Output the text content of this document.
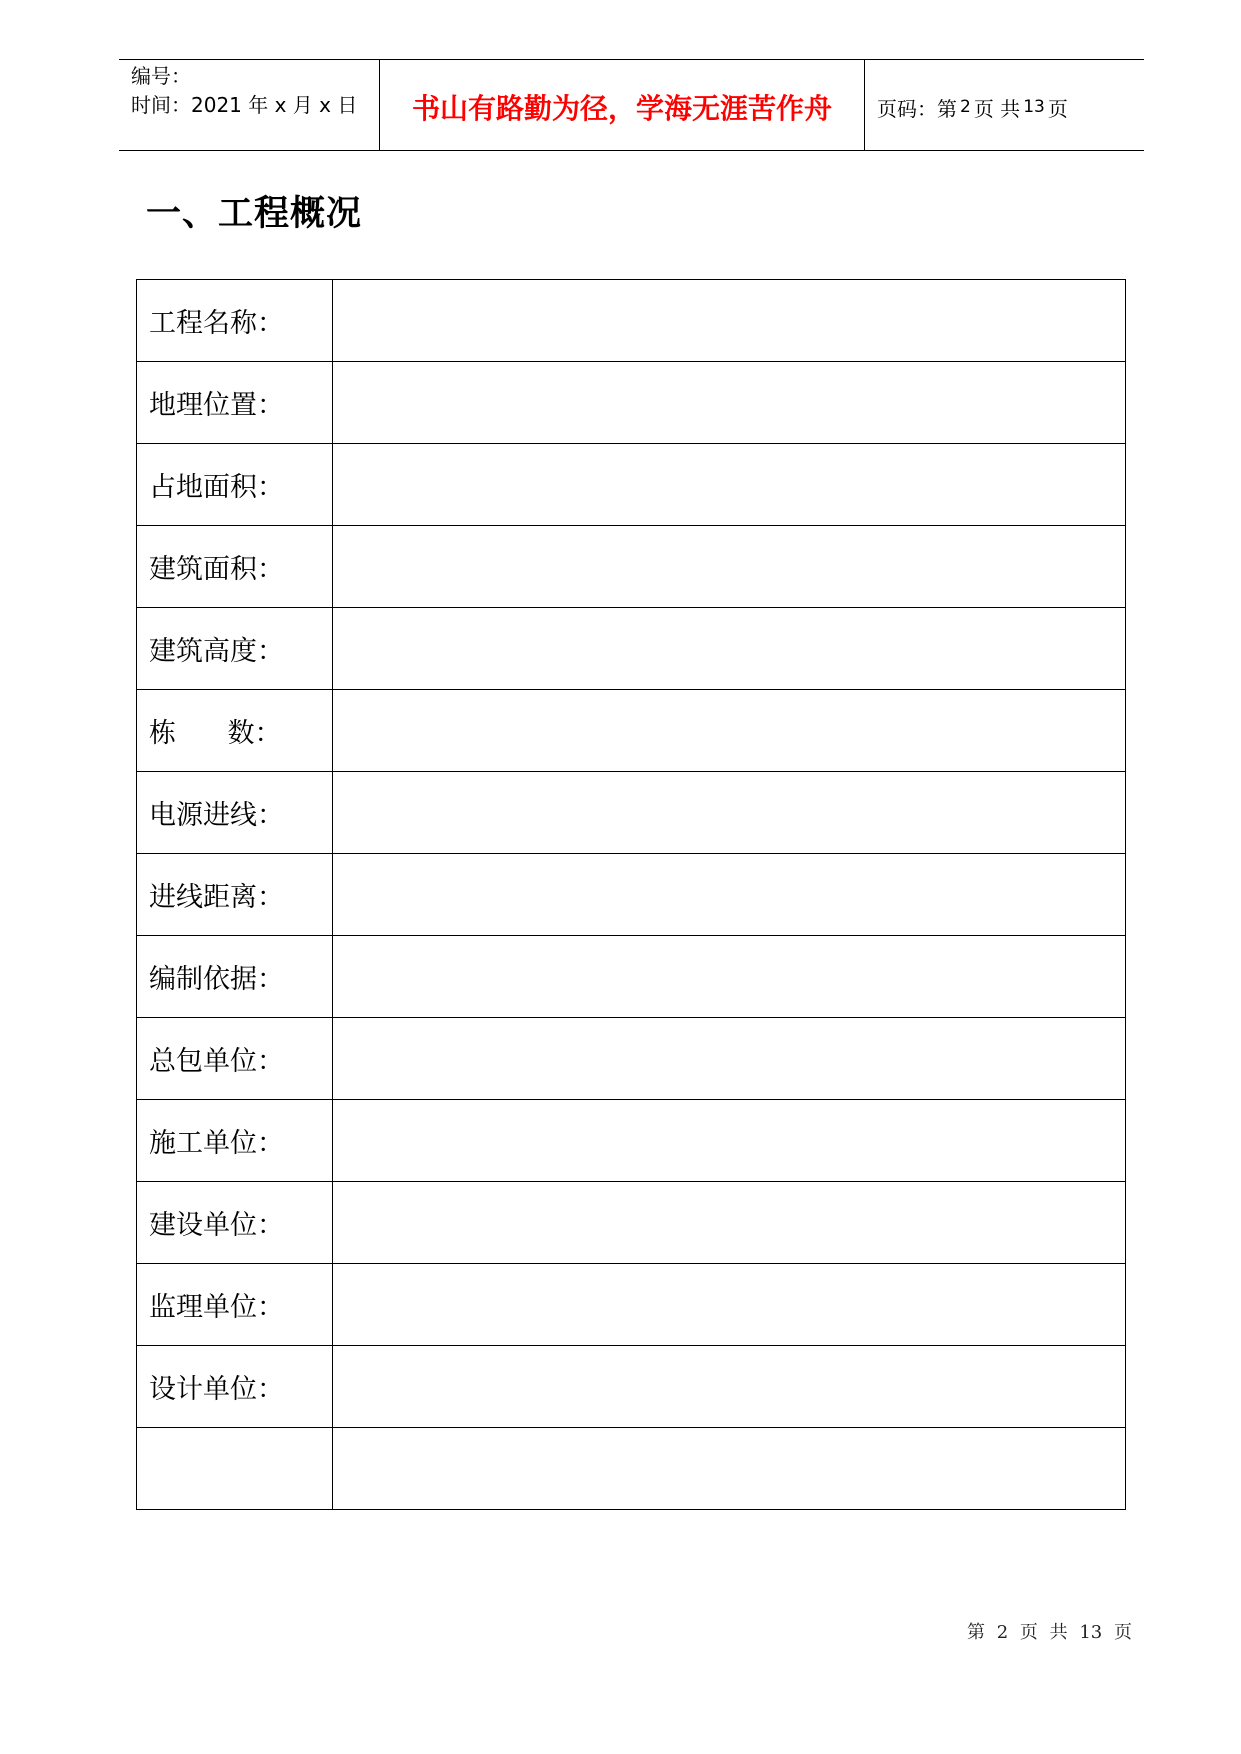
编号：
时间：2021 年 x 月 x 日	书山有路勤为径，学海无涯苦作舟	页码：第 2 页 共 13 页
一、工程概况
工程名称：	
地理位置：	
占地面积：	
建筑面积：	
建筑高度：	
栋      数：	
电源进线：	
进线距离：	
编制依据：	
总包单位：	
施工单位：	
建设单位：	
监理单位：	
设计单位：	

第 2 页 共 13 页
